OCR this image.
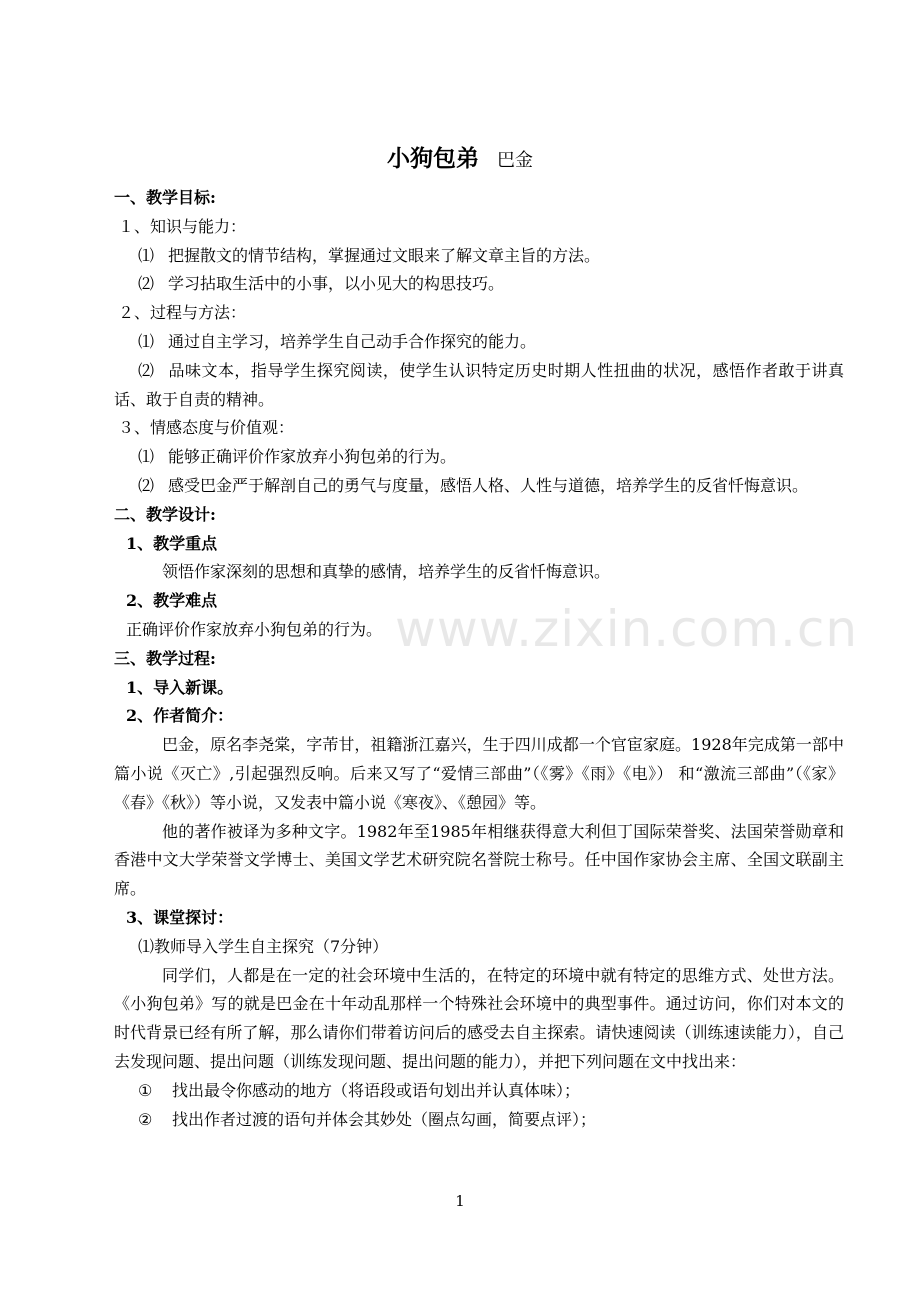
小狗包弟 巴金
一、教学目标:
１、知识与能力：
⑴ 把握散文的情节结构，掌握通过文眼来了解文章主旨的方法。
⑵ 学习拈取生活中的小事，以小见大的构思技巧。
２、过程与方法：
⑴ 通过自主学习，培养学生自己动手合作探究的能力。
⑵ 品味文本，指导学生探究阅读，使学生认识特定历史时期人性扭曲的状况，感悟作者敢于讲真话、敢于自责的精神。
３、情感态度与价值观：
⑴ 能够正确评价作家放弃小狗包弟的行为。
⑵ 感受巴金严于解剖自己的勇气与度量，感悟人格、人性与道德，培养学生的反省忏悔意识。
二、教学设计:
1、教学重点
领悟作家深刻的思想和真挚的感情，培养学生的反省忏悔意识。
2、教学难点
正确评价作家放弃小狗包弟的行为。
三、教学过程:
1、导入新课。
2、作者简介：
巴金，原名李尧棠，字芾甘，祖籍浙江嘉兴，生于四川成都一个官宦家庭。1928年完成第一部中篇小说《灭亡》,引起强烈反响。后来又写了“爱情三部曲”（《雾》《雨》《电》） 和“激流三部曲”（《家》《春》《秋》）等小说，又发表中篇小说《寒夜》、《憩园》等。
他的著作被译为多种文字。1982年至1985年相继获得意大利但丁国际荣誉奖、法国荣誉勋章和香港中文大学荣誉文学博士、美国文学艺术研究院名誉院士称号。任中国作家协会主席、全国文联副主席。
3、课堂探讨：
⑴教师导入学生自主探究（7分钟）
同学们，人都是在一定的社会环境中生活的，在特定的环境中就有特定的思维方式、处世方法。《小狗包弟》写的就是巴金在十年动乱那样一个特殊社会环境中的典型事件。通过访问，你们对本文的时代背景已经有所了解，那么请你们带着访问后的感受去自主探索。请快速阅读（训练速读能力），自己去发现问题、提出问题（训练发现问题、提出问题的能力），并把下列问题在文中找出来：
① 找出最令你感动的地方（将语段或语句划出并认真体味）；
② 找出作者过渡的语句并体会其妙处（圈点勾画，简要点评）；
www.zixin.com.cn
1
